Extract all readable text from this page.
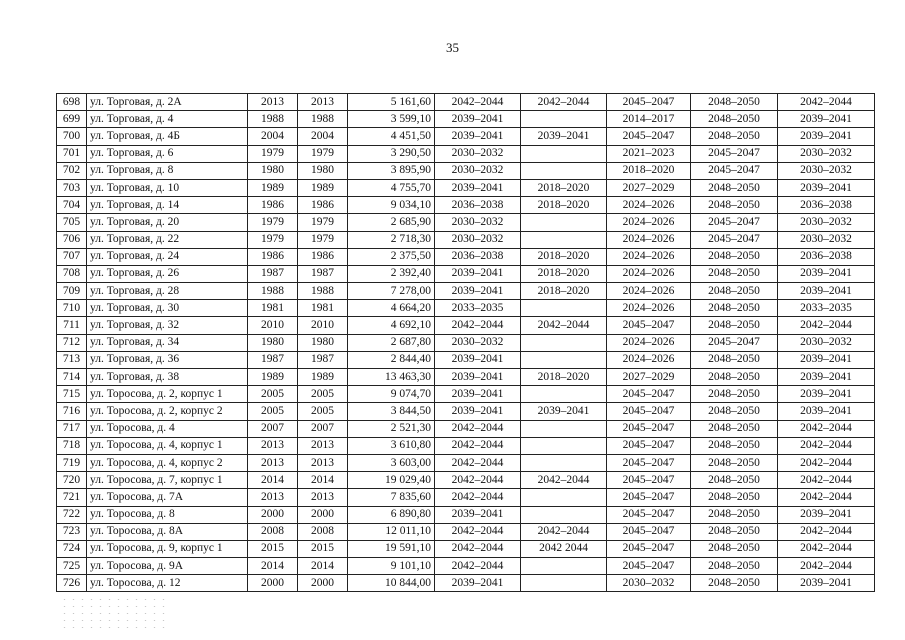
35
698	ул. Торговая, д. 2А	2013	2013	5 161,60	2042–2044	2042–2044	2045–2047	2048–2050	2042–2044
699	ул. Торговая, д. 4	1988	1988	3 599,10	2039–2041		2014–2017	2048–2050	2039–2041
700	ул. Торговая, д. 4Б	2004	2004	4 451,50	2039–2041	2039–2041	2045–2047	2048–2050	2039–2041
701	ул. Торговая, д. 6	1979	1979	3 290,50	2030–2032		2021–2023	2045–2047	2030–2032
702	ул. Торговая, д. 8	1980	1980	3 895,90	2030–2032		2018–2020	2045–2047	2030–2032
703	ул. Торговая, д. 10	1989	1989	4 755,70	2039–2041	2018–2020	2027–2029	2048–2050	2039–2041
704	ул. Торговая, д. 14	1986	1986	9 034,10	2036–2038	2018–2020	2024–2026	2048–2050	2036–2038
705	ул. Торговая, д. 20	1979	1979	2 685,90	2030–2032		2024–2026	2045–2047	2030–2032
706	ул. Торговая, д. 22	1979	1979	2 718,30	2030–2032		2024–2026	2045–2047	2030–2032
707	ул. Торговая, д. 24	1986	1986	2 375,50	2036–2038	2018–2020	2024–2026	2048–2050	2036–2038
708	ул. Торговая, д. 26	1987	1987	2 392,40	2039–2041	2018–2020	2024–2026	2048–2050	2039–2041
709	ул. Торговая, д. 28	1988	1988	7 278,00	2039–2041	2018–2020	2024–2026	2048–2050	2039–2041
710	ул. Торговая, д. 30	1981	1981	4 664,20	2033–2035		2024–2026	2048–2050	2033–2035
711	ул. Торговая, д. 32	2010	2010	4 692,10	2042–2044	2042–2044	2045–2047	2048–2050	2042–2044
712	ул. Торговая, д. 34	1980	1980	2 687,80	2030–2032		2024–2026	2045–2047	2030–2032
713	ул. Торговая, д. 36	1987	1987	2 844,40	2039–2041		2024–2026	2048–2050	2039–2041
714	ул. Торговая, д. 38	1989	1989	13 463,30	2039–2041	2018–2020	2027–2029	2048–2050	2039–2041
715	ул. Торосова, д. 2, корпус 1	2005	2005	9 074,70	2039–2041		2045–2047	2048–2050	2039–2041
716	ул. Торосова, д. 2, корпус 2	2005	2005	3 844,50	2039–2041	2039–2041	2045–2047	2048–2050	2039–2041
717	ул. Торосова, д. 4	2007	2007	2 521,30	2042–2044		2045–2047	2048–2050	2042–2044
718	ул. Торосова, д. 4, корпус 1	2013	2013	3 610,80	2042–2044		2045–2047	2048–2050	2042–2044
719	ул. Торосова, д. 4, корпус 2	2013	2013	3 603,00	2042–2044		2045–2047	2048–2050	2042–2044
720	ул. Торосова, д. 7, корпус 1	2014	2014	19 029,40	2042–2044	2042–2044	2045–2047	2048–2050	2042–2044
721	ул. Торосова, д. 7А	2013	2013	7 835,60	2042–2044		2045–2047	2048–2050	2042–2044
722	ул. Торосова, д. 8	2000	2000	6 890,80	2039–2041		2045–2047	2048–2050	2039–2041
723	ул. Торосова, д. 8А	2008	2008	12 011,10	2042–2044	2042–2044	2045–2047	2048–2050	2042–2044
724	ул. Торосова, д. 9, корпус 1	2015	2015	19 591,10	2042–2044	2042 2044	2045–2047	2048–2050	2042–2044
725	ул. Торосова, д. 9А	2014	2014	9 101,10	2042–2044		2045–2047	2048–2050	2042–2044
726	ул. Торосова, д. 12	2000	2000	10 844,00	2039–2041		2030–2032	2048–2050	2039–2041
